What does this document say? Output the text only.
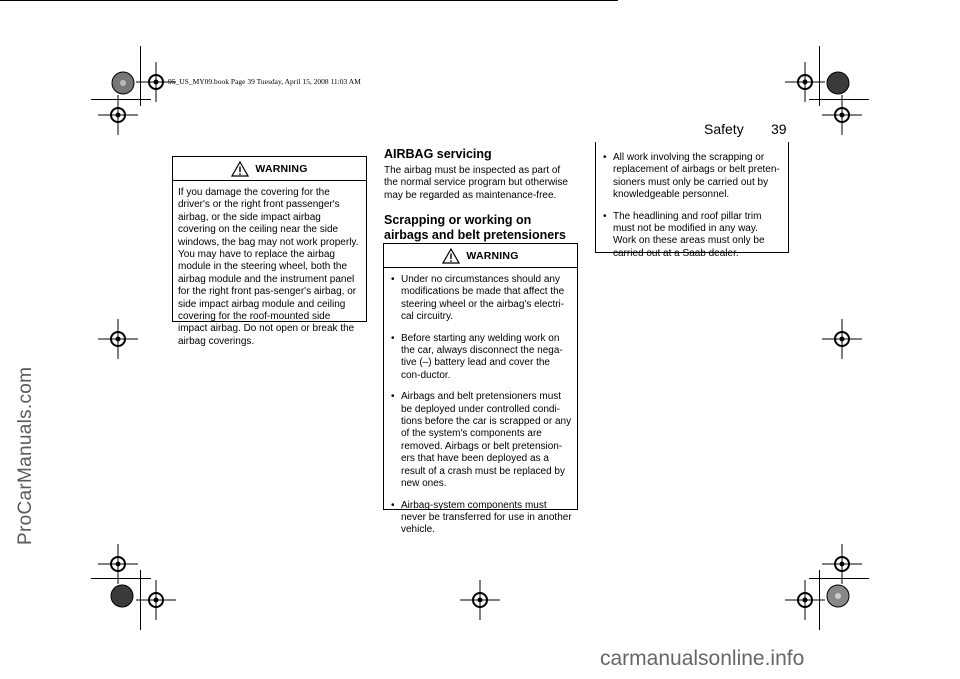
95_US_MY09.book Page 39 Tuesday, April 15, 2008 11:03 AM
ProCarManuals.com
carmanualsonline.info
Safety 39
WARNING

If you damage the covering for the driver's or the right front passenger's airbag, or the side impact airbag covering on the ceiling near the side windows, the bag may not work properly. You may have to replace the airbag module in the steering wheel, both the airbag module and the instrument panel for the right front pas-senger's airbag, or side impact airbag module and ceiling covering for the roof-mounted side impact airbag. Do not open or break the airbag coverings.

AIRBAG servicing

The airbag must be inspected as part of the normal service program but otherwise may be regarded as maintenance-free.

Scrapping or working on airbags and belt pretensioners
WARNING
• Under no circumstances should any modifications be made that affect the steering wheel or the airbag's electri-cal circuitry.
• Before starting any welding work on the car, always disconnect the nega-tive (–) battery lead and cover the con-ductor.
• Airbags and belt pretensioners must be deployed under controlled condi-tions before the car is scrapped or any of the system's components are removed. Airbags or belt pretension-ers that have been deployed as a result of a crash must be replaced by new ones.
• Airbag-system components must never be transferred for use in another vehicle.
• All work involving the scrapping or replacement of airbags or belt preten-sioners must only be carried out by knowledgeable personnel.
• The headlining and roof pillar trim must not be modified in any way. Work on these areas must only be carried out at a Saab dealer.
